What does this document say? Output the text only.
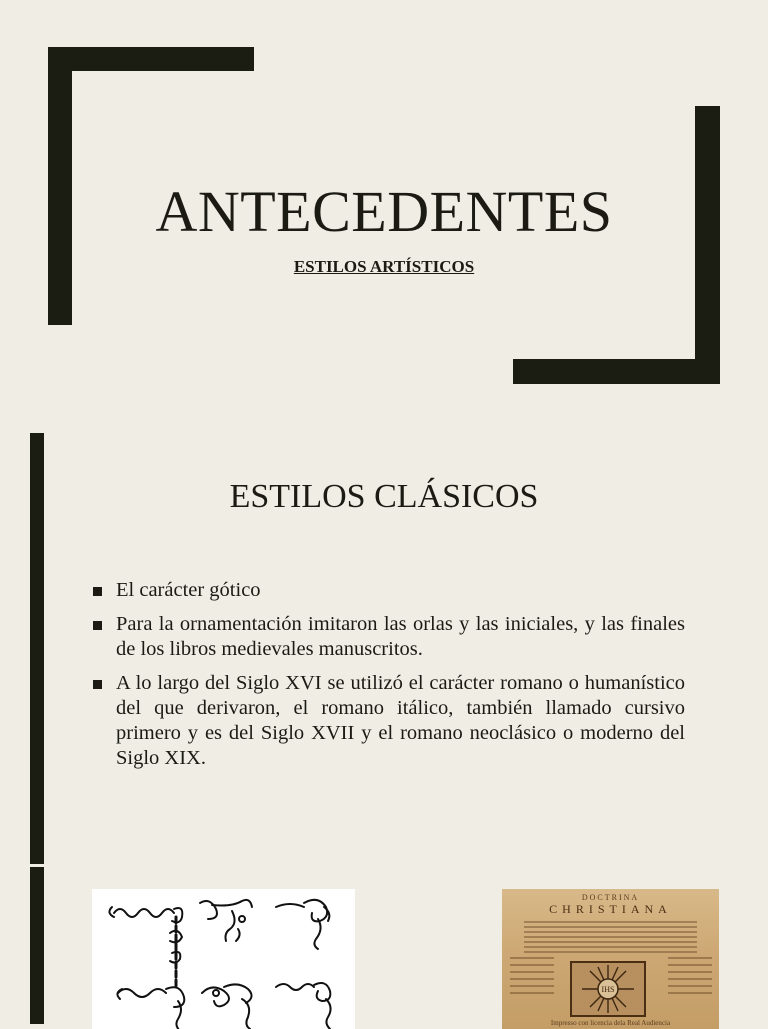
ANTECEDENTES
ESTILOS ARTÍSTICOS
ESTILOS CLÁSICOS
El carácter gótico
Para la ornamentación imitaron las orlas y las iniciales, y las finales de los libros medievales manuscritos.
A lo largo del Siglo XVI se utilizó el carácter romano o humanístico del que derivaron, el romano itálico, también llamado cursivo primero y es del Siglo XVII y el romano neoclásico o moderno del Siglo XIX.
DOCTRINA
CHRISTIANA
IHS
Impresso con licencia dela Real Audiencia
